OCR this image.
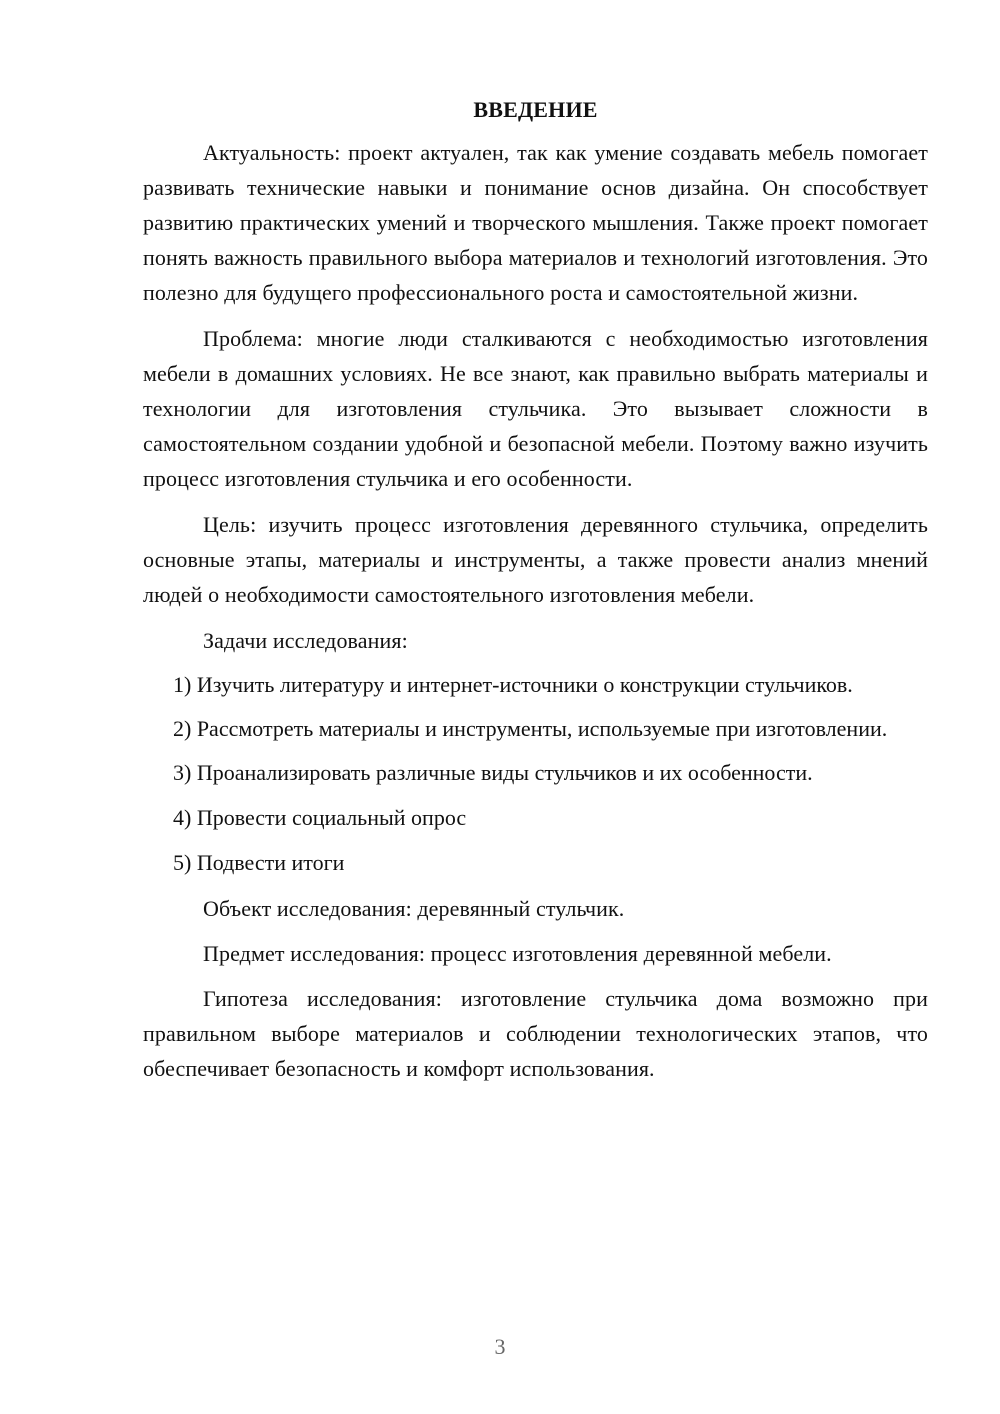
ВВЕДЕНИЕ

Актуальность: проект актуален, так как умение создавать мебель помогает развивать технические навыки и понимание основ дизайна. Он способствует развитию практических умений и творческого мышления. Также проект помогает понять важность правильного выбора материалов и технологий изготовления. Это полезно для будущего профессионального роста и самостоятельной жизни.

Проблема: многие люди сталкиваются с необходимостью изготовления мебели в домашних условиях. Не все знают, как правильно выбрать материалы и технологии для изготовления стульчика. Это вызывает сложности в самостоятельном создании удобной и безопасной мебели. Поэтому важно изучить процесс изготовления стульчика и его особенности.

Цель: изучить процесс изготовления деревянного стульчика, определить основные этапы, материалы и инструменты, а также провести анализ мнений людей о необходимости самостоятельного изготовления мебели.

Задачи исследования:

1) Изучить литературу и интернет-источники о конструкции стульчиков.

2) Рассмотреть материалы и инструменты, используемые при изготовлении.

3) Проанализировать различные виды стульчиков и их особенности.

4) Провести социальный опрос

5) Подвести итоги

Объект исследования: деревянный стульчик.

Предмет исследования: процесс изготовления деревянной мебели.

Гипотеза исследования: изготовление стульчика дома возможно при правильном выборе материалов и соблюдении технологических этапов, что обеспечивает безопасность и комфорт использования.

3
